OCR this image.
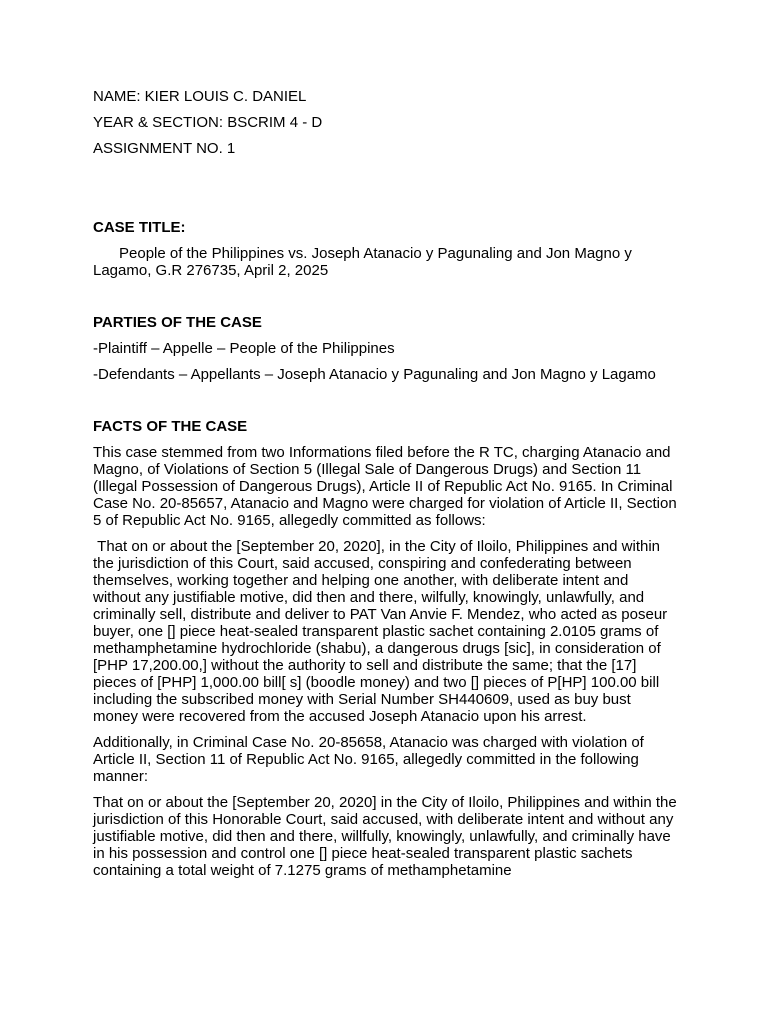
NAME: KIER LOUIS C. DANIEL

YEAR & SECTION: BSCRIM 4 - D

ASSIGNMENT NO. 1

CASE TITLE:

People of the Philippines vs. Joseph Atanacio y Pagunaling and Jon Magno y Lagamo, G.R 276735, April 2, 2025

PARTIES OF THE CASE

-Plaintiff – Appelle – People of the Philippines

-Defendants – Appellants – Joseph Atanacio y Pagunaling and Jon Magno y Lagamo

FACTS OF THE CASE

This case stemmed from two Informations filed before the R TC, charging Atanacio and Magno, of Violations of Section 5 (Illegal Sale of Dangerous Drugs) and Section 11 (Illegal Possession of Dangerous Drugs), Article II of Republic Act No. 9165. In Criminal Case No. 20-85657, Atanacio and Magno were charged for violation of Article II, Section 5 of Republic Act No. 9165, allegedly committed as follows:

That on or about the [September 20, 2020], in the City of Iloilo, Philippines and within the jurisdiction of this Court, said accused, conspiring and confederating between themselves, working together and helping one another, with deliberate intent and without any justifiable motive, did then and there, wilfully, knowingly, unlawfully, and criminally sell, distribute and deliver to PAT Van Anvie F. Mendez, who acted as poseur buyer, one [] piece heat-sealed transparent plastic sachet containing 2.0105 grams of methamphetamine hydrochloride (shabu), a dangerous drugs [sic], in consideration of [PHP 17,200.00,] without the authority to sell and distribute the same; that the [17] pieces of [PHP] 1,000.00 bill[ s] (boodle money) and two [] pieces of P[HP] 100.00 bill including the subscribed money with Serial Number SH440609, used as buy bust money were recovered from the accused Joseph Atanacio upon his arrest.

Additionally, in Criminal Case No. 20-85658, Atanacio was charged with violation of Article II, Section 11 of Republic Act No. 9165, allegedly committed in the following manner:

That on or about the [September 20, 2020] in the City of Iloilo, Philippines and within the jurisdiction of this Honorable Court, said accused, with deliberate intent and without any justifiable motive, did then and there, willfully, knowingly, unlawfully, and criminally have in his possession and control one [] piece heat-sealed transparent plastic sachets containing a total weight of 7.1275 grams of methamphetamine
